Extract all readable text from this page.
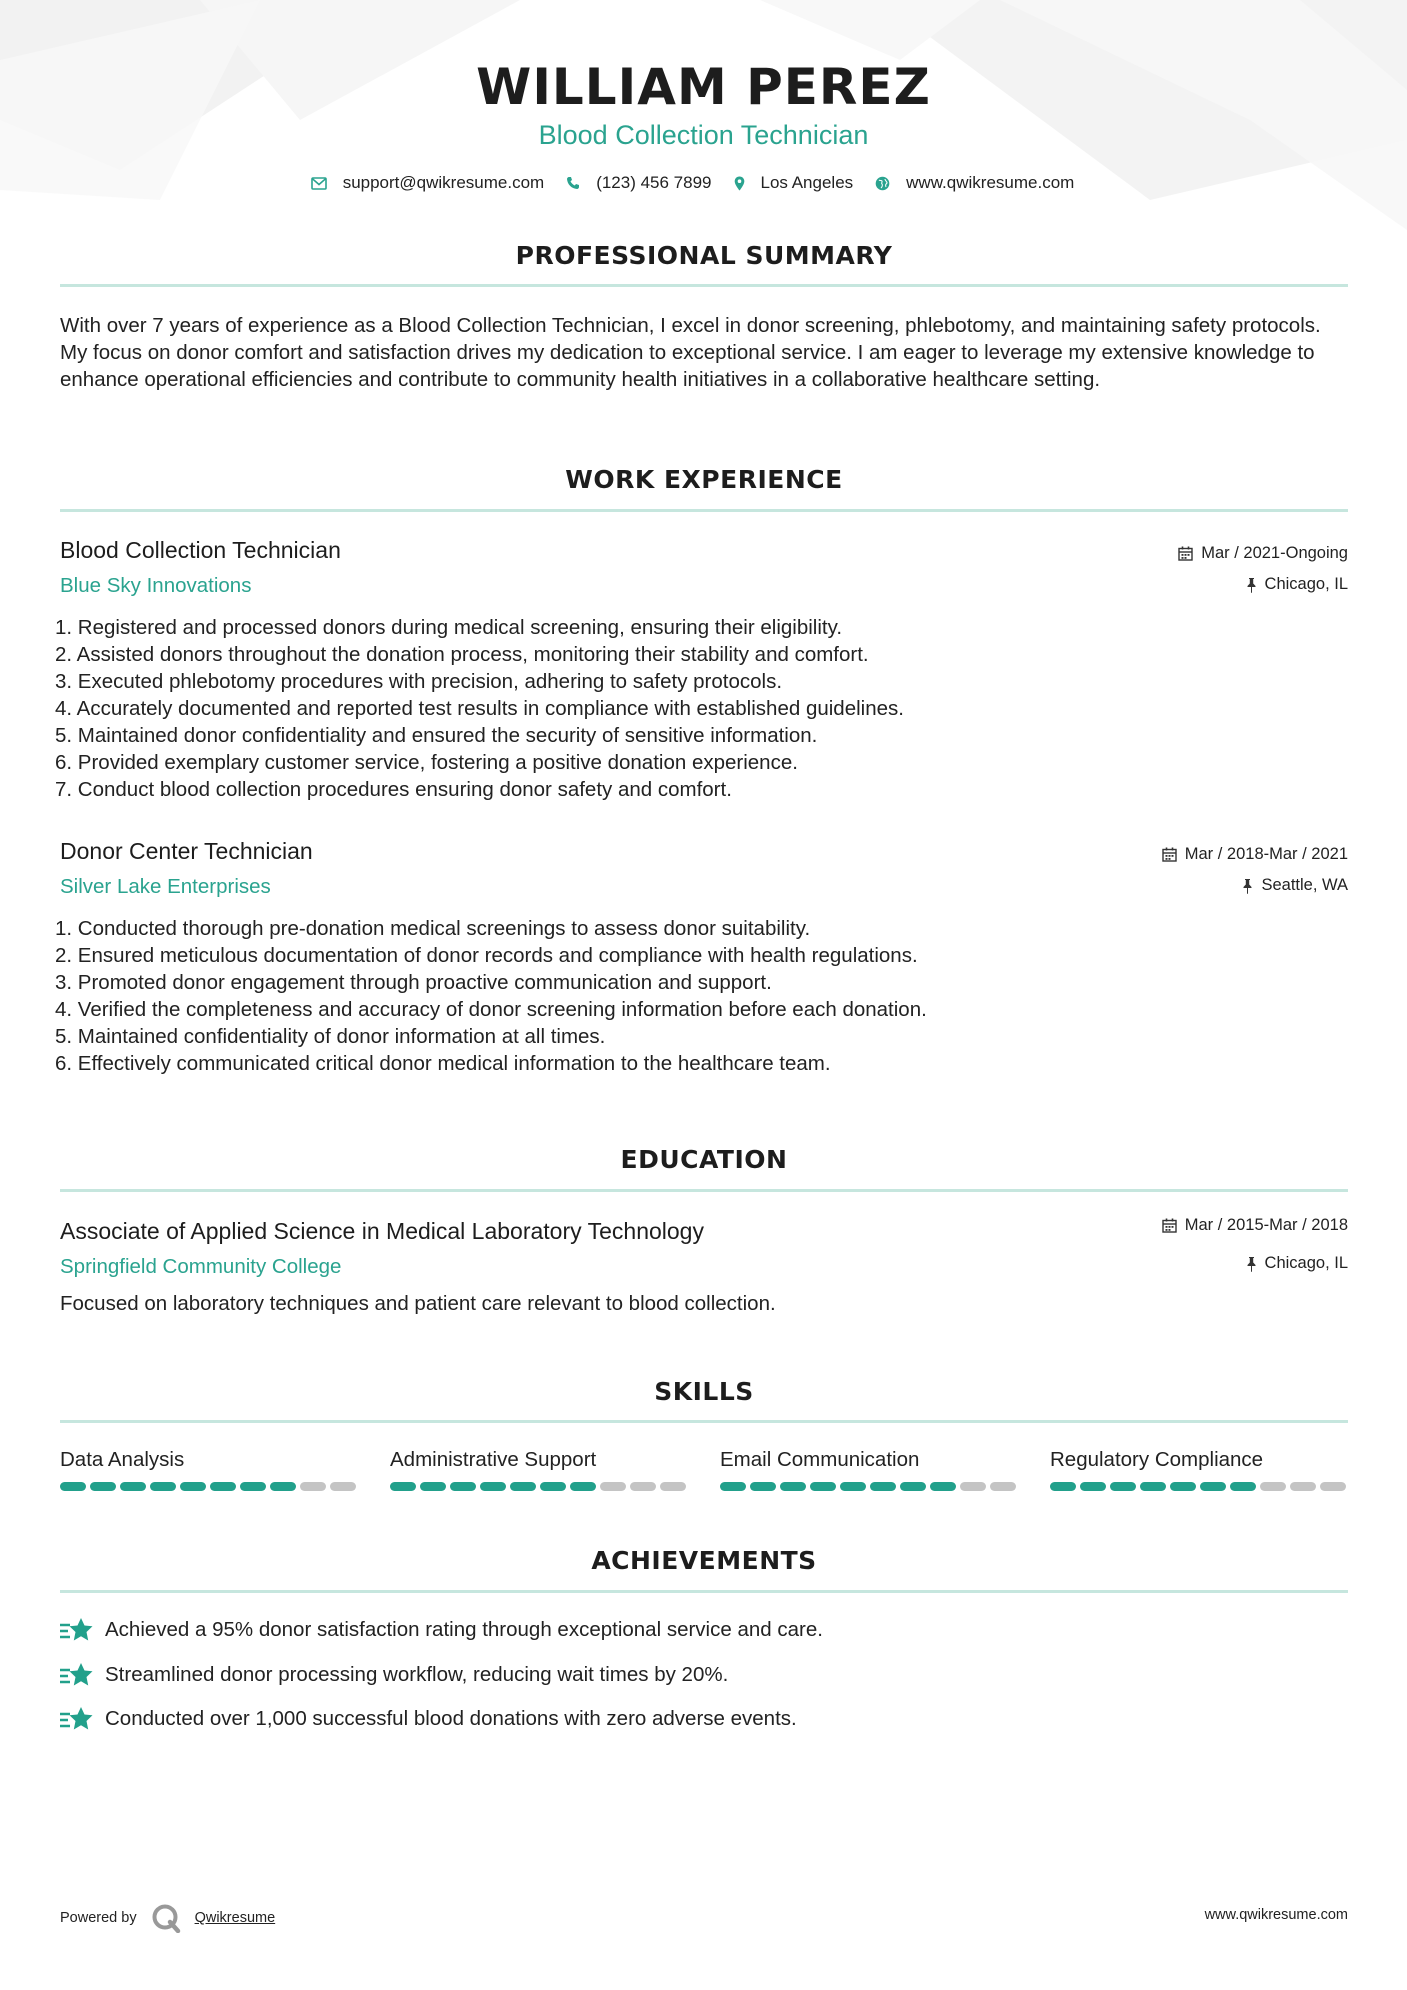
WILLIAM PEREZ
Blood Collection Technician
support@qwikresume.com	(123) 456 7899	Los Angeles	www.qwikresume.com
PROFESSIONAL SUMMARY
With over 7 years of experience as a Blood Collection Technician, I excel in donor screening, phlebotomy, and maintaining safety protocols. My focus on donor comfort and satisfaction drives my dedication to exceptional service. I am eager to leverage my extensive knowledge to enhance operational efficiencies and contribute to community health initiatives in a collaborative healthcare setting.
WORK EXPERIENCE
Blood Collection Technician
Blue Sky Innovations
Mar / 2021-Ongoing
Chicago, IL
1. Registered and processed donors during medical screening, ensuring their eligibility.
2. Assisted donors throughout the donation process, monitoring their stability and comfort.
3. Executed phlebotomy procedures with precision, adhering to safety protocols.
4. Accurately documented and reported test results in compliance with established guidelines.
5. Maintained donor confidentiality and ensured the security of sensitive information.
6. Provided exemplary customer service, fostering a positive donation experience.
7. Conduct blood collection procedures ensuring donor safety and comfort.
Donor Center Technician
Silver Lake Enterprises
Mar / 2018-Mar / 2021
Seattle, WA
1. Conducted thorough pre-donation medical screenings to assess donor suitability.
2. Ensured meticulous documentation of donor records and compliance with health regulations.
3. Promoted donor engagement through proactive communication and support.
4. Verified the completeness and accuracy of donor screening information before each donation.
5. Maintained confidentiality of donor information at all times.
6. Effectively communicated critical donor medical information to the healthcare team.
EDUCATION
Associate of Applied Science in Medical Laboratory Technology
Springfield Community College
Mar / 2015-Mar / 2018
Chicago, IL
Focused on laboratory techniques and patient care relevant to blood collection.
SKILLS
Data Analysis	Administrative Support	Email Communication	Regulatory Compliance
ACHIEVEMENTS
Achieved a 95% donor satisfaction rating through exceptional service and care.
Streamlined donor processing workflow, reducing wait times by 20%.
Conducted over 1,000 successful blood donations with zero adverse events.
Powered by	Qwikresume	www.qwikresume.com
